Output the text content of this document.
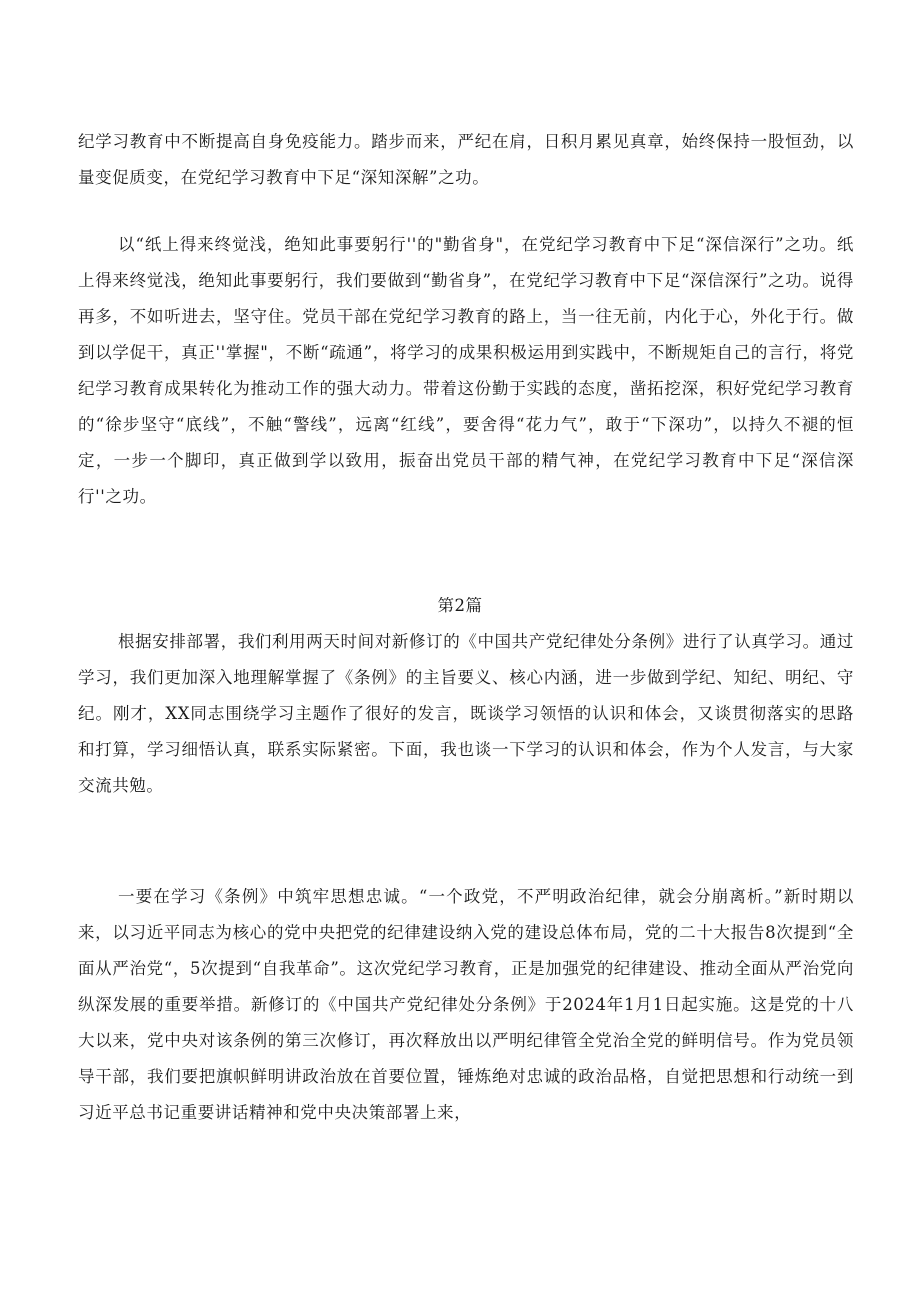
纪学习教育中不断提高自身免疫能力。踏步而来，严纪在肩，日积月累见真章，始终保持一股恒劲，以量变促质变，在党纪学习教育中下足“深知深解”之功。

以“纸上得来终觉浅，绝知此事要躬行''的"勤省身"，在党纪学习教育中下足“深信深行”之功。纸上得来终觉浅，绝知此事要躬行，我们要做到“勤省身”，在党纪学习教育中下足“深信深行”之功。说得再多，不如听进去，坚守住。党员干部在党纪学习教育的路上，当一往无前，内化于心，外化于行。做到以学促干，真正''掌握"，不断“疏通”，将学习的成果积极运用到实践中，不断规矩自己的言行，将党纪学习教育成果转化为推动工作的强大动力。带着这份勤于实践的态度，凿拓挖深，积好党纪学习教育的“徐步坚守“底线”，不触“警线”，远离“红线”，要舍得“花力气”，敢于“下深功”，以持久不褪的恒定，一步一个脚印，真正做到学以致用，振奋出党员干部的精气神，在党纪学习教育中下足“深信深行''之功。

第2篇

根据安排部署，我们利用两天时间对新修订的《中国共产党纪律处分条例》进行了认真学习。通过学习，我们更加深入地理解掌握了《条例》的主旨要义、核心内涵，进一步做到学纪、知纪、明纪、守纪。刚才，XX同志围绕学习主题作了很好的发言，既谈学习领悟的认识和体会，又谈贯彻落实的思路和打算，学习细悟认真，联系实际紧密。下面，我也谈一下学习的认识和体会，作为个人发言，与大家交流共勉。

一要在学习《条例》中筑牢思想忠诚。“一个政党，不严明政治纪律，就会分崩离析。”新时期以来，以习近平同志为核心的党中央把党的纪律建设纳入党的建设总体布局，党的二十大报告8次提到“全面从严治党“，5次提到“自我革命”。这次党纪学习教育，正是加强党的纪律建设、推动全面从严治党向纵深发展的重要举措。新修订的《中国共产党纪律处分条例》于2024年1月1日起实施。这是党的十八大以来，党中央对该条例的第三次修订，再次释放出以严明纪律管全党治全党的鲜明信号。作为党员领导干部，我们要把旗帜鲜明讲政治放在首要位置，锤炼绝对忠诚的政治品格，自觉把思想和行动统一到习近平总书记重要讲话精神和党中央决策部署上来，
